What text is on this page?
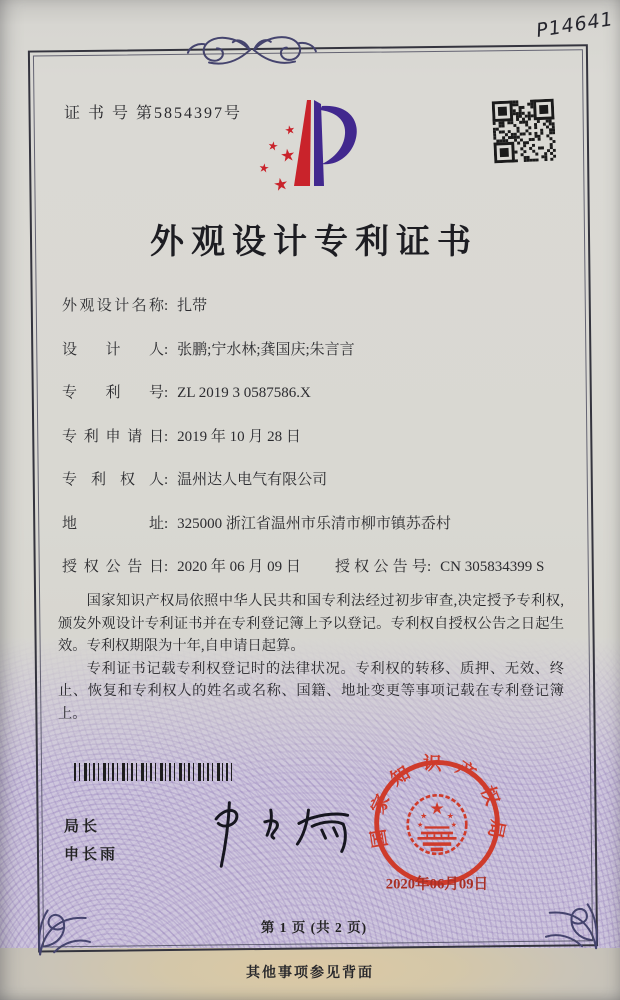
P14641
证 书 号 第5854397号
★
★ ★
★
★
外观设计专利证书
外观设计名称: 扎带
设 计 人: 张鹏;宁水林;龚国庆;朱言言
专 利 号: ZL 2019 3 0587586.X
专利申请日: 2019 年 10 月 28 日
专 利 权 人: 温州达人电气有限公司
地 址: 325000 浙江省温州市乐清市柳市镇苏岙村
授权公告日: 2020 年 06 月 09 日 授权公告号: CN 305834399 S

国家知识产权局依照中华人民共和国专利法经过初步审查,决定授予专利权,颁发外观设计专利证书并在专利登记簿上予以登记。专利权自授权公告之日起生效。专利权期限为十年,自申请日起算。

专利证书记载专利权登记时的法律状况。专利权的转移、质押、无效、终止、恢复和专利权人的姓名或名称、国籍、地址变更等事项记载在专利登记簿上。

局长
申长雨
国家知识产权局
★
★ ★
★	★
2020年06月09日
第 1 页 (共 2 页)
其他事项参见背面
